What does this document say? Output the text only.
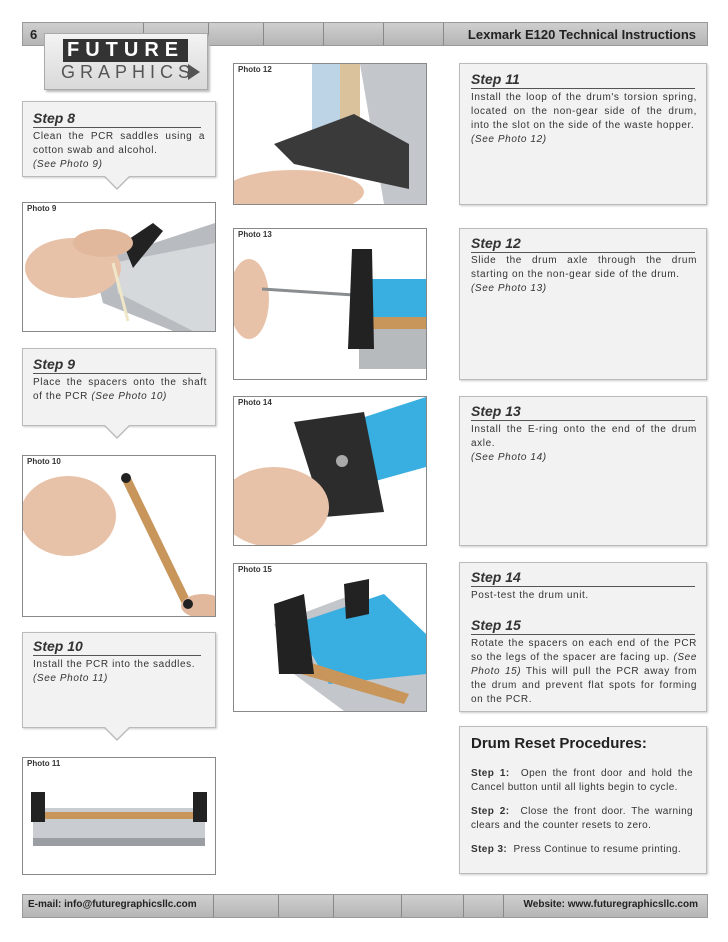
6	Lexmark E120 Technical Instructions
FUTURE
GRAPHICS
Step 8
Clean the PCR saddles using a cotton swab and alcohol.
(See Photo 9)
Photo 9
Step 9
Place the spacers onto the shaft of the PCR (See Photo 10)
Photo 10
Step 10
Install the PCR into the saddles.
(See Photo 11)
Photo 11
Photo 12
Step 11
Install the loop of the drum's torsion spring, located on the non-gear side of the drum, into the slot on the side of the waste hopper.
(See Photo 12)
Photo 13
Step 12
Slide the drum axle through the drum starting on the non-gear side of the drum.
(See Photo 13)
Photo 14
Step 13
Install the E-ring onto the end of the drum axle.
(See Photo 14)
Photo 15	Step 14
Post-test the drum unit.
Step 15
Rotate the spacers on each end of the PCR so the legs of the spacer are facing up. (See Photo 15) This will pull the PCR away from the drum and prevent flat spots for forming on the PCR.
Drum Reset Procedures:
Step 1: Open the front door and hold the Cancel button until all lights begin to cycle.
Step 2: Close the front door. The warning clears and the counter resets to zero.
Step 3: Press Continue to resume printing.
E-mail: info@futuregraphicsllc.com	Website: www.futuregraphicsllc.com
